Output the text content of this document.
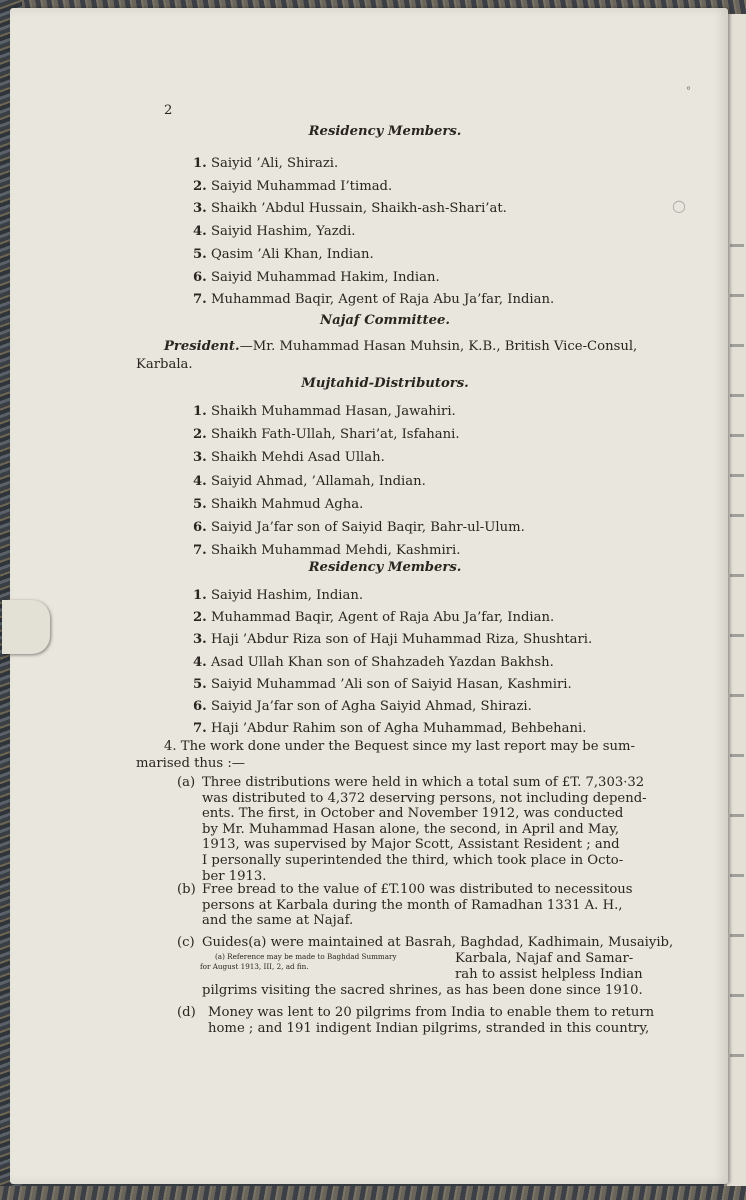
°
○
2
Residency Members.
1. Saiyid ’Ali, Shirazi.
2. Saiyid Muhammad I’timad.
3. Shaikh ’Abdul Hussain, Shaikh-ash-Shari’at.
4. Saiyid Hashim, Yazdi.
5. Qasim ’Ali Khan, Indian.
6. Saiyid Muhammad Hakim, Indian.
7. Muhammad Baqir, Agent of Raja Abu Ja’far, Indian.
Najaf Committee.
President.—Mr. Muhammad Hasan Muhsin, K.B., British Vice-Consul,
Karbala.
Mujtahid-Distributors.
1. Shaikh Muhammad Hasan, Jawahiri.
2. Shaikh Fath-Ullah, Shari’at, Isfahani.
3. Shaikh Mehdi Asad Ullah.
4. Saiyid Ahmad, ’Allamah, Indian.
5. Shaikh Mahmud Agha.
6. Saiyid Ja’far son of Saiyid Baqir, Bahr-ul-Ulum.
7. Shaikh Muhammad Mehdi, Kashmiri.
Residency Members.
1. Saiyid Hashim, Indian.
2. Muhammad Baqir, Agent of Raja Abu Ja’far, Indian.
3. Haji ’Abdur Riza son of Haji Muhammad Riza, Shushtari.
4. Asad Ullah Khan son of Shahzadeh Yazdan Bakhsh.
5. Saiyid Muhammad ’Ali son of Saiyid Hasan, Kashmiri.
6. Saiyid Ja’far son of Agha Saiyid Ahmad, Shirazi.
7. Haji ’Abdur Rahim son of Agha Muhammad, Behbehani.
4. The work done under the Bequest since my last report may be sum-
marised thus :—
(a) Three distributions were held in which a total sum of £T. 7,303·32
was distributed to 4,372 deserving persons, not including depend-
ents. The first, in October and November 1912, was conducted
by Mr. Muhammad Hasan alone, the second, in April and May,
1913, was supervised by Major Scott, Assistant Resident ; and
I personally superintended the third, which took place in Octo-
ber 1913.
(b) Free bread to the value of £T.100 was distributed to necessitous
persons at Karbala during the month of Ramadhan 1331 A. H.,
and the same at Najaf.
(c) Guides(a) were maintained at Basrah, Baghdad, Kadhimain, Musaiyib,
(a) Reference may be made to Baghdad Summary
for August 1913, III, 2, ad fin.
Karbala, Najaf and Samar-
rah to assist helpless Indian
pilgrims visiting the sacred shrines, as has been done since 1910.
(d) Money was lent to 20 pilgrims from India to enable them to return
home ; and 191 indigent Indian pilgrims, stranded in this country,
